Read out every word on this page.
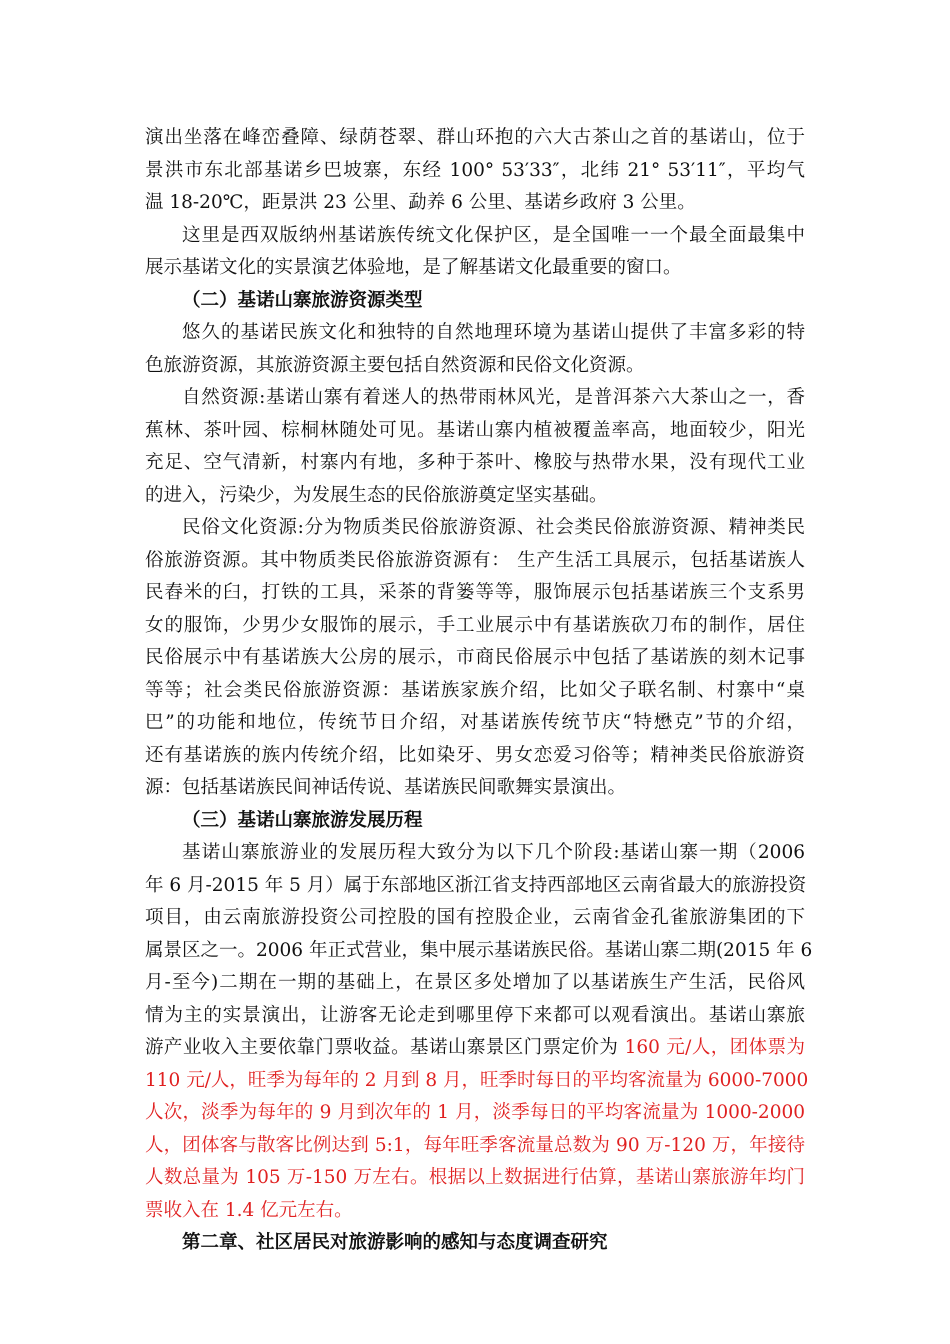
演出坐落在峰峦叠障、绿荫苍翠、群山环抱的六大古茶山之首的基诺山，位于
景洪市东北部基诺乡巴坡寨，东经 100° 53′33″，北纬 21° 53′11″，平均气
温 18-20℃，距景洪 23 公里、勐养 6 公里、基诺乡政府 3 公里。
这里是西双版纳州基诺族传统文化保护区，是全国唯一一个最全面最集中
展示基诺文化的实景演艺体验地，是了解基诺文化最重要的窗口。
（二）基诺山寨旅游资源类型
悠久的基诺民族文化和独特的自然地理环境为基诺山提供了丰富多彩的特
色旅游资源，其旅游资源主要包括自然资源和民俗文化资源。
自然资源:基诺山寨有着迷人的热带雨林风光，是普洱茶六大茶山之一，香
蕉林、茶叶园、棕桐林随处可见。基诺山寨内植被覆盖率高，地面较少，阳光
充足、空气清新，村寨内有地，多种于茶叶、橡胶与热带水果，没有现代工业
的进入，污染少，为发展生态的民俗旅游奠定坚实基础。
民俗文化资源:分为物质类民俗旅游资源、社会类民俗旅游资源、精神类民
俗旅游资源。其中物质类民俗旅游资源有： 生产生活工具展示，包括基诺族人
民舂米的臼，打铁的工具，采茶的背篓等等，服饰展示包括基诺族三个支系男
女的服饰，少男少女服饰的展示，手工业展示中有基诺族砍刀布的制作，居住
民俗展示中有基诺族大公房的展示，市商民俗展示中包括了基诺族的刻木记事
等等；社会类民俗旅游资源：基诺族家族介绍，比如父子联名制、村寨中“桌
巴”的功能和地位，传统节日介绍，对基诺族传统节庆“特懋克”节的介绍，
还有基诺族的族内传统介绍，比如染牙、男女恋爱习俗等；精神类民俗旅游资
源：包括基诺族民间神话传说、基诺族民间歌舞实景演出。
（三）基诺山寨旅游发展历程
基诺山寨旅游业的发展历程大致分为以下几个阶段:基诺山寨一期（2006
年 6 月-2015 年 5 月）属于东部地区浙江省支持西部地区云南省最大的旅游投资
项目，由云南旅游投资公司控股的国有控股企业，云南省金孔雀旅游集团的下
属景区之一。2006 年正式营业，集中展示基诺族民俗。基诺山寨二期(2015 年 6
月-至今)二期在一期的基础上，在景区多处增加了以基诺族生产生活，民俗风
情为主的实景演出，让游客无论走到哪里停下来都可以观看演出。基诺山寨旅
游产业收入主要依靠门票收益。基诺山寨景区门票定价为 160 元/人，团体票为
110 元/人，旺季为每年的 2 月到 8 月，旺季时每日的平均客流量为 6000-7000
人次，淡季为每年的 9 月到次年的 1 月，淡季每日的平均客流量为 1000-2000
人，团体客与散客比例达到 5:1，每年旺季客流量总数为 90 万-120 万，年接待
人数总量为 105 万-150 万左右。根据以上数据进行估算，基诺山寨旅游年均门
票收入在 1.4 亿元左右。
第二章、社区居民对旅游影响的感知与态度调查研究
